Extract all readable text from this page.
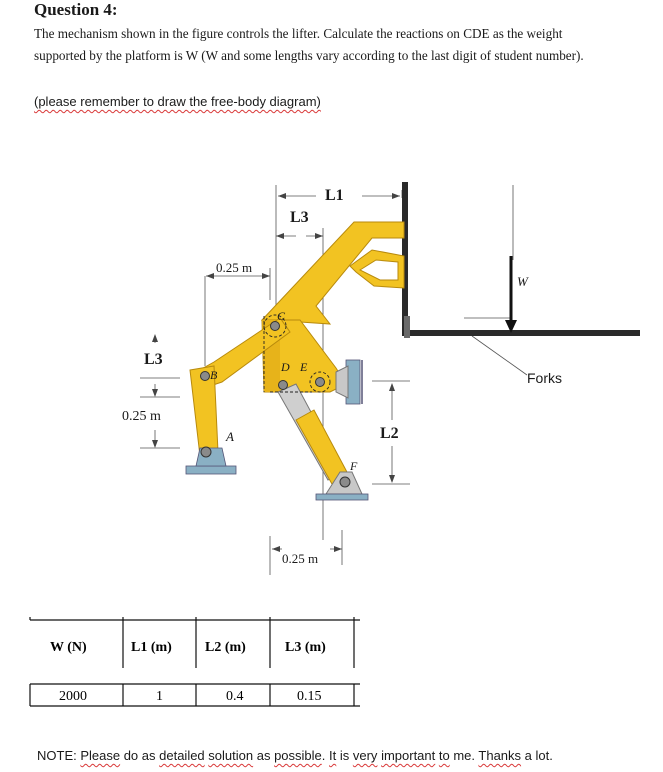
Question 4:
The mechanism shown in the figure controls the lifter. Calculate the reactions on CDE as the weight
supported by the platform is W (W and some lengths vary according to the last digit of student number).
(please remember to draw the free-body diagram)
L1
L3
0.25 m
L3
0.25 m
0.25 m
L2
W
Forks
A
B
C
D E
F
W (N)	L1 (m) L2 (m)	L3 (m)
2000	1	0.4	0.15
NOTE: Please do as detailed solution as possible. It is very important to me. Thanks a lot.
